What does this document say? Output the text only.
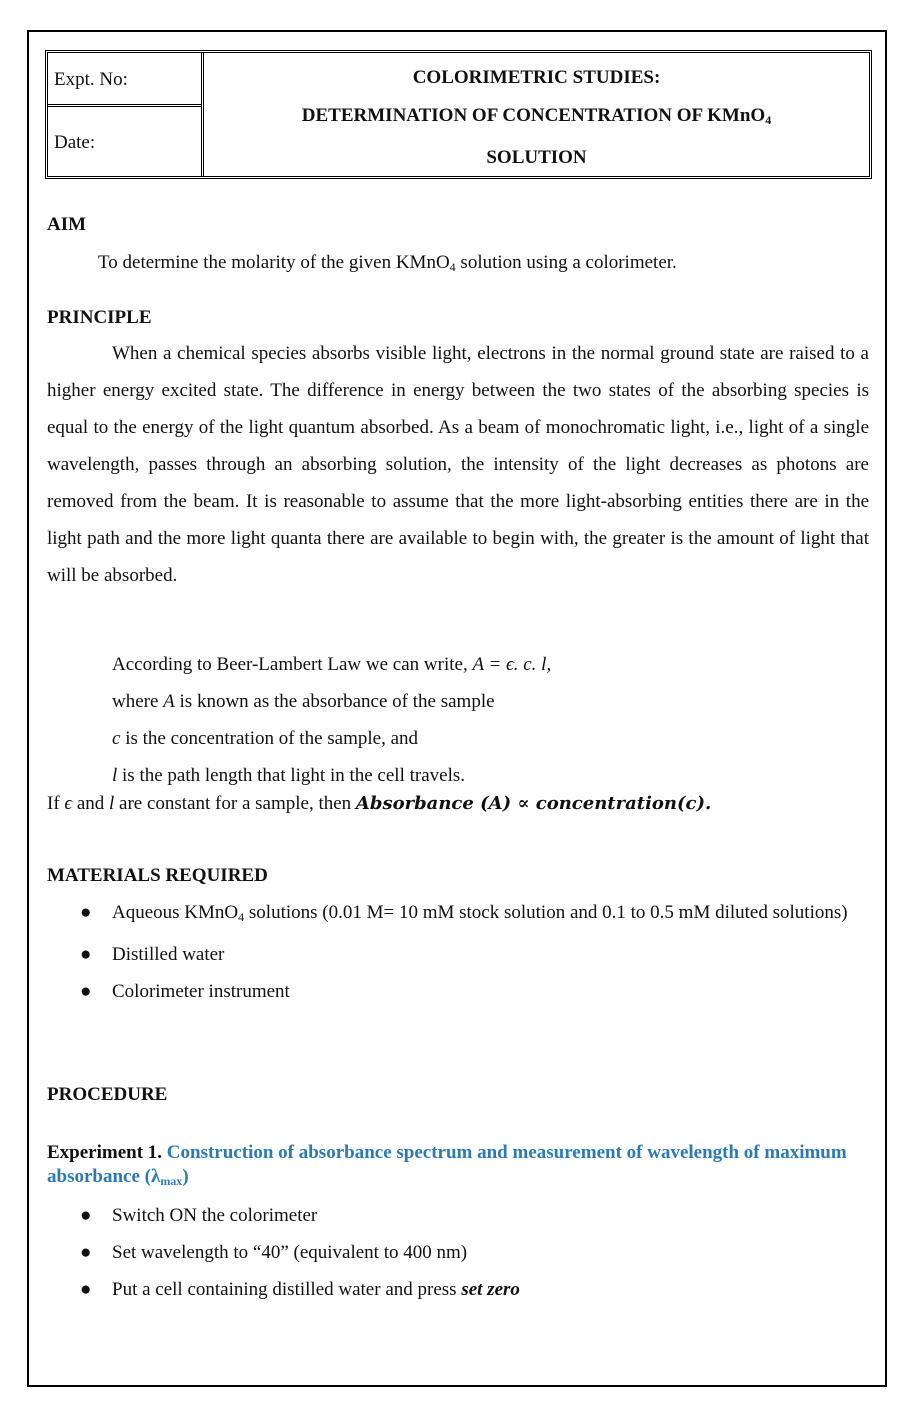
Expt. No:
Date:
COLORIMETRIC STUDIES:
DETERMINATION OF CONCENTRATION OF KMnO$_4$
SOLUTION
AIM
To determine the molarity of the given KMnO$_4$ solution using a colorimeter.
PRINCIPLE
When a chemical species absorbs visible light, electrons in the normal ground state are raised to a higher energy excited state. The difference in energy between the two states of the absorbing species is equal to the energy of the light quantum absorbed. As a beam of monochromatic light, i.e., light of a single wavelength, passes through an absorbing solution, the intensity of the light decreases as photons are removed from the beam. It is reasonable to assume that the more light-absorbing entities there are in the light path and the more light quanta there are available to begin with, the greater is the amount of light that will be absorbed.
According to Beer-Lambert Law we can write, A = ϵ. c. l,
where A is known as the absorbance of the sample
c is the concentration of the sample, and
l is the path length that light in the cell travels.
If ϵ and l are constant for a sample, then Absorbance (A) ∝ concentration(c).
MATERIALS REQUIRED
● Aqueous KMnO$_4$ solutions (0.01 M= 10 mM stock solution and 0.1 to 0.5 mM diluted solutions)
● Distilled water
● Colorimeter instrument
PROCEDURE
Experiment 1. Construction of absorbance spectrum and measurement of wavelength of maximum absorbance $(\lambda_{max})$
● Switch ON the colorimeter
● Set wavelength to “40” (equivalent to 400 nm)
● Put a cell containing distilled water and press set zero
